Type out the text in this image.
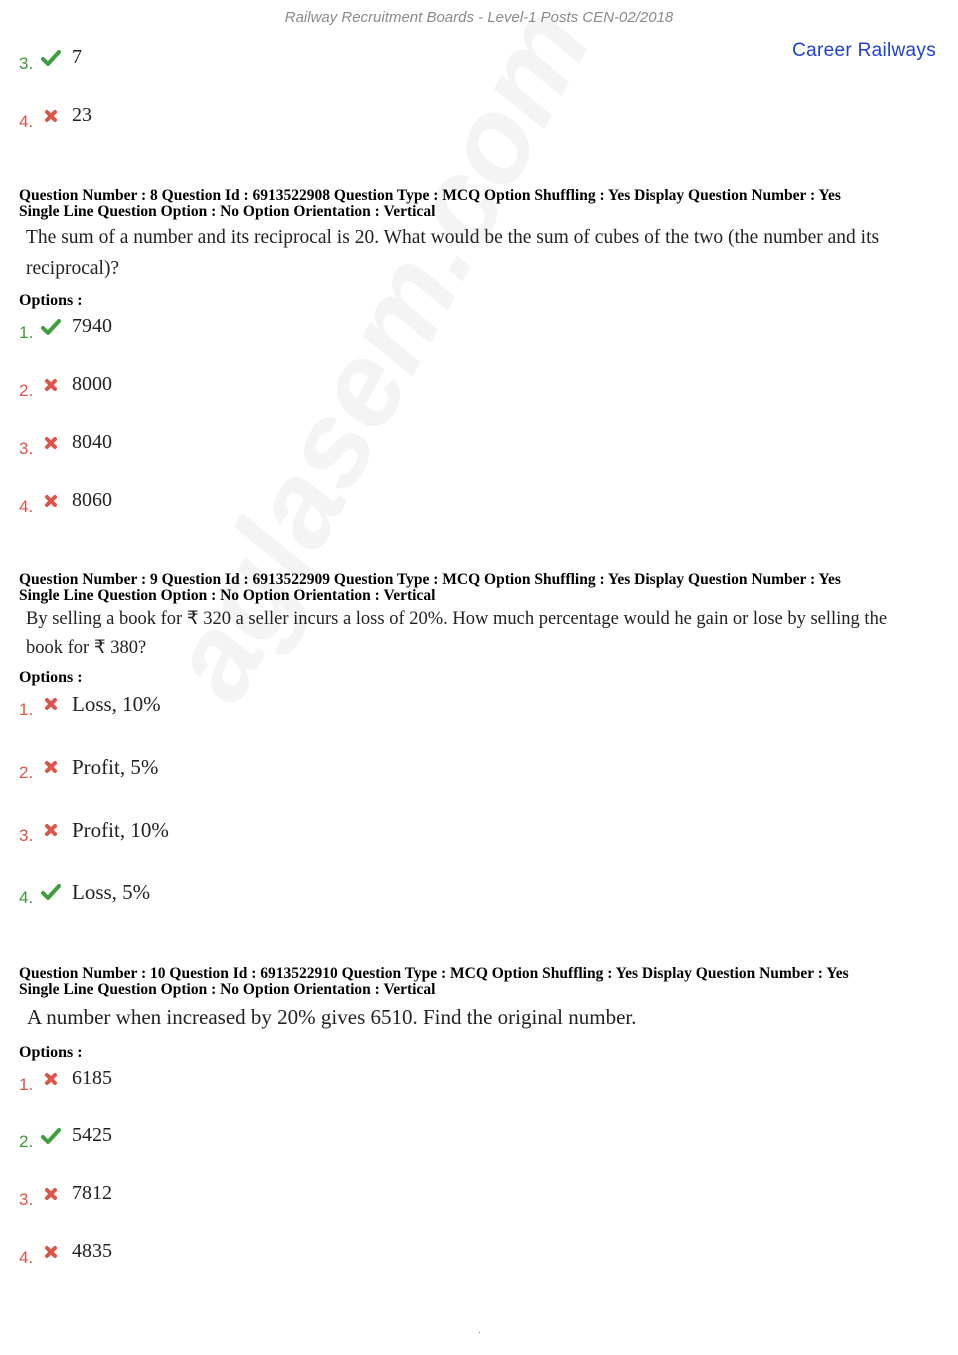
Railway Recruitment Boards - Level-1 Posts CEN-02/2018
Career Railways
3. 7
4. 23
Question Number : 8 Question Id : 6913522908 Question Type : MCQ Option Shuffling : Yes Display Question Number : Yes
Single Line Question Option : No Option Orientation : Vertical
The sum of a number and its reciprocal is 20. What would be the sum of cubes of the two (the number and its
reciprocal)?
Options :
1. 7940
2. 8000
3. 8040
4. 8060
Question Number : 9 Question Id : 6913522909 Question Type : MCQ Option Shuffling : Yes Display Question Number : Yes
Single Line Question Option : No Option Orientation : Vertical
By selling a book for ₹ 320 a seller incurs a loss of 20%. How much percentage would he gain or lose by selling the
book for ₹ 380?
Options :
1. Loss, 10%
2. Profit, 5%
3. Profit, 10%
4. Loss, 5%
Question Number : 10 Question Id : 6913522910 Question Type : MCQ Option Shuffling : Yes Display Question Number : Yes
Single Line Question Option : No Option Orientation : Vertical
A number when increased by 20% gives 6510. Find the original number.
Options :
1. 6185
2. 5425
3. 7812
4. 4835
.
